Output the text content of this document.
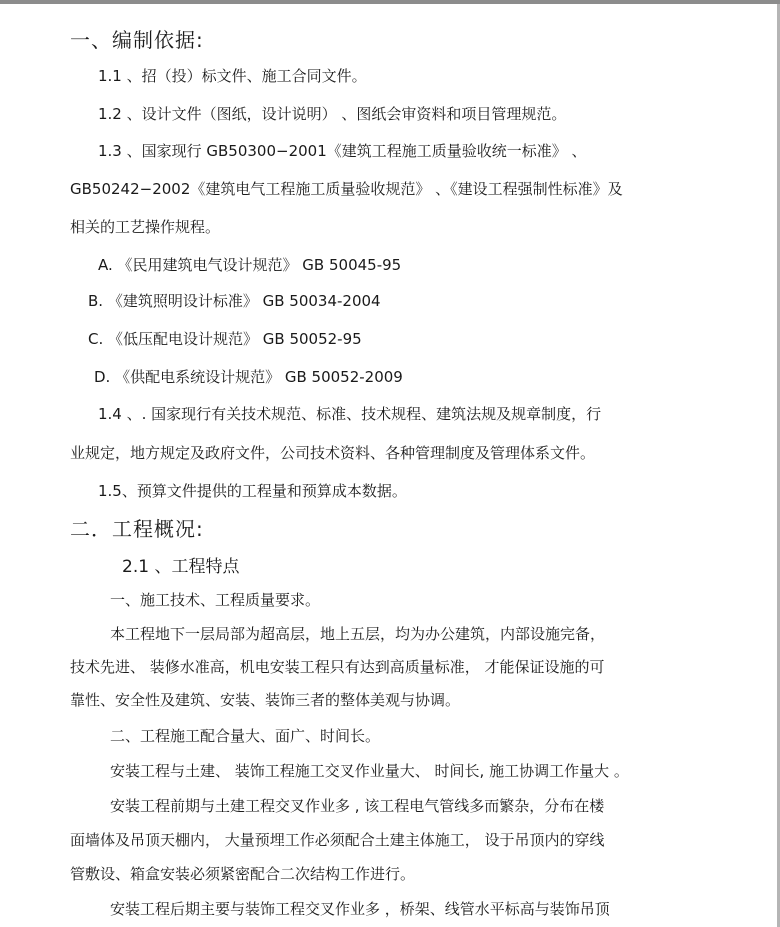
一、编制依据:
1.1 、招（投）标文件、施工合同文件。
1.2 、设计文件（图纸，设计说明） 、图纸会审资料和项目管理规范。
1.3 、国家现行 GB50300−2001《建筑工程施工质量验收统一标准》 、
GB50242−2002《建筑电气工程施工质量验收规范》 、《建设工程强制性标准》及
相关的工艺操作规程。
A. 《民用建筑电气设计规范》 GB 50045-95
B. 《建筑照明设计标准》 GB 50034-2004
C. 《低压配电设计规范》 GB 50052-95
D. 《供配电系统设计规范》 GB 50052-2009
1.4 、. 国家现行有关技术规范、标准、技术规程、建筑法规及规章制度，行
业规定，地方规定及政府文件，公司技术资料、各种管理制度及管理体系文件。
1.5、预算文件提供的工程量和预算成本数据。
二．工程概况:
2.1 、工程特点
一、施工技术、工程质量要求。
本工程地下一层局部为超高层，地上五层，均为办公建筑，内部设施完备，
技术先进、 装修水准高，机电安装工程只有达到高质量标准， 才能保证设施的可
靠性、安全性及建筑、安装、装饰三者的整体美观与协调。
二、工程施工配合量大、面广、时间长。
安装工程与土建、 装饰工程施工交叉作业量大、 时间长, 施工协调工作量大 。
安装工程前期与土建工程交叉作业多 , 该工程电气管线多而繁杂，分布在楼
面墙体及吊顶天棚内， 大量预埋工作必须配合土建主体施工， 设于吊顶内的穿线
管敷设、箱盒安装必须紧密配合二次结构工作进行。
安装工程后期主要与装饰工程交叉作业多 ，桥架、线管水平标高与装饰吊顶
